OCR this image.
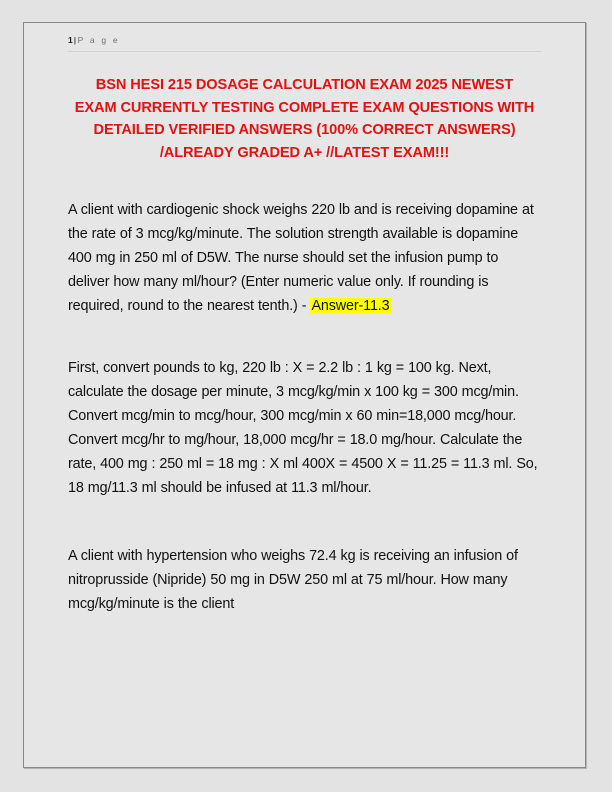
1|P a g e
BSN HESI 215 DOSAGE CALCULATION EXAM 2025 NEWEST EXAM CURRENTLY TESTING COMPLETE EXAM QUESTIONS WITH DETAILED VERIFIED ANSWERS (100% CORRECT ANSWERS) /ALREADY GRADED A+ //LATEST EXAM!!!

A client with cardiogenic shock weighs 220 lb and is receiving dopamine at the rate of 3 mcg/kg/minute. The solution strength available is dopamine 400 mg in 250 ml of D5W. The nurse should set the infusion pump to deliver how many ml/hour? (Enter numeric value only. If rounding is required, round to the nearest tenth.) - Answer-11.3

First, convert pounds to kg, 220 lb : X = 2.2 lb : 1 kg = 100 kg. Next, calculate the dosage per minute, 3 mcg/kg/min x 100 kg = 300 mcg/min. Convert mcg/min to mcg/hour, 300 mcg/min x 60 min=18,000 mcg/hour. Convert mcg/hr to mg/hour, 18,000 mcg/hr = 18.0 mg/hour. Calculate the rate, 400 mg : 250 ml = 18 mg : X ml 400X = 4500 X = 11.25 = 11.3 ml. So, 18 mg/11.3 ml should be infused at 11.3 ml/hour.

A client with hypertension who weighs 72.4 kg is receiving an infusion of nitroprusside (Nipride) 50 mg in D5W 250 ml at 75 ml/hour. How many mcg/kg/minute is the client
